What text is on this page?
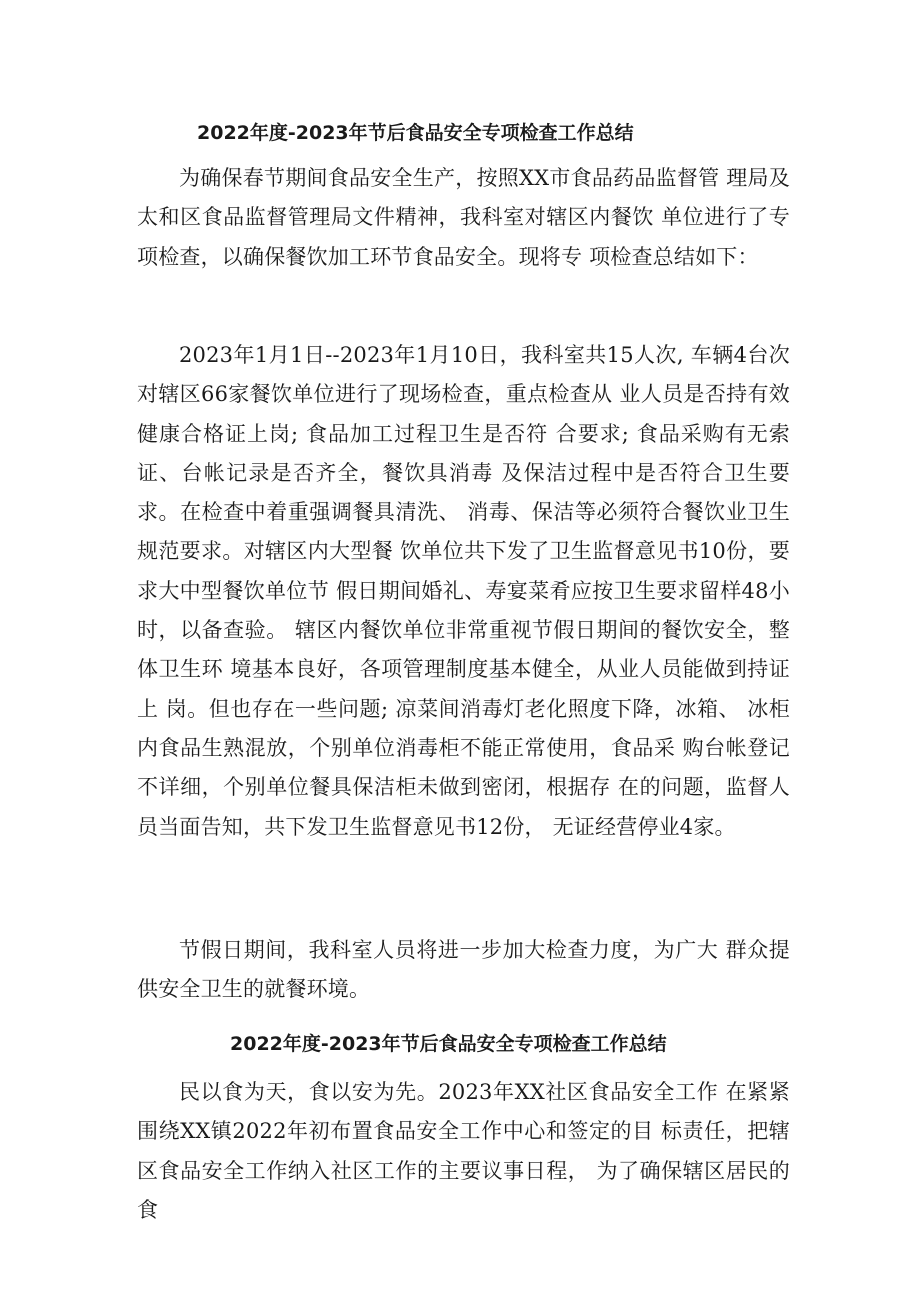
2022年度-2023年节后食品安全专项检查工作总结

为确保春节期间食品安全生产，按照XX市食品药品监督管 理局及太和区食品监督管理局文件精神，我科室对辖区内餐饮 单位进行了专项检查，以确保餐饮加工环节食品安全。现将专 项检查总结如下：

2023年1月1日--2023年1月10日，我科室共15人次, 车辆4台次对辖区66家餐饮单位进行了现场检查，重点检查从 业人员是否持有效健康合格证上岗; 食品加工过程卫生是否符 合要求; 食品采购有无索证、台帐记录是否齐全，餐饮具消毒 及保洁过程中是否符合卫生要求。在检查中着重强调餐具清洗、 消毒、保洁等必须符合餐饮业卫生规范要求。对辖区内大型餐 饮单位共下发了卫生监督意见书10份，要求大中型餐饮单位节 假日期间婚礼、寿宴菜肴应按卫生要求留样48小时，以备查验。 辖区内餐饮单位非常重视节假日期间的餐饮安全，整体卫生环 境基本良好，各项管理制度基本健全，从业人员能做到持证上 岗。但也存在一些问题; 凉菜间消毒灯老化照度下降，冰箱、 冰柜内食品生熟混放，个别单位消毒柜不能正常使用，食品采 购台帐登记不详细，个别单位餐具保洁柜未做到密闭，根据存 在的问题，监督人员当面告知，共下发卫生监督意见书12份， 无证经营停业4家。

节假日期间，我科室人员将进一步加大检查力度，为广大 群众提供安全卫生的就餐环境。

2022年度-2023年节后食品安全专项检查工作总结

民以食为天，食以安为先。2023年XX社区食品安全工作 在紧紧围绕XX镇2022年初布置食品安全工作中心和签定的目 标责任，把辖区食品安全工作纳入社区工作的主要议事日程， 为了确保辖区居民的食
